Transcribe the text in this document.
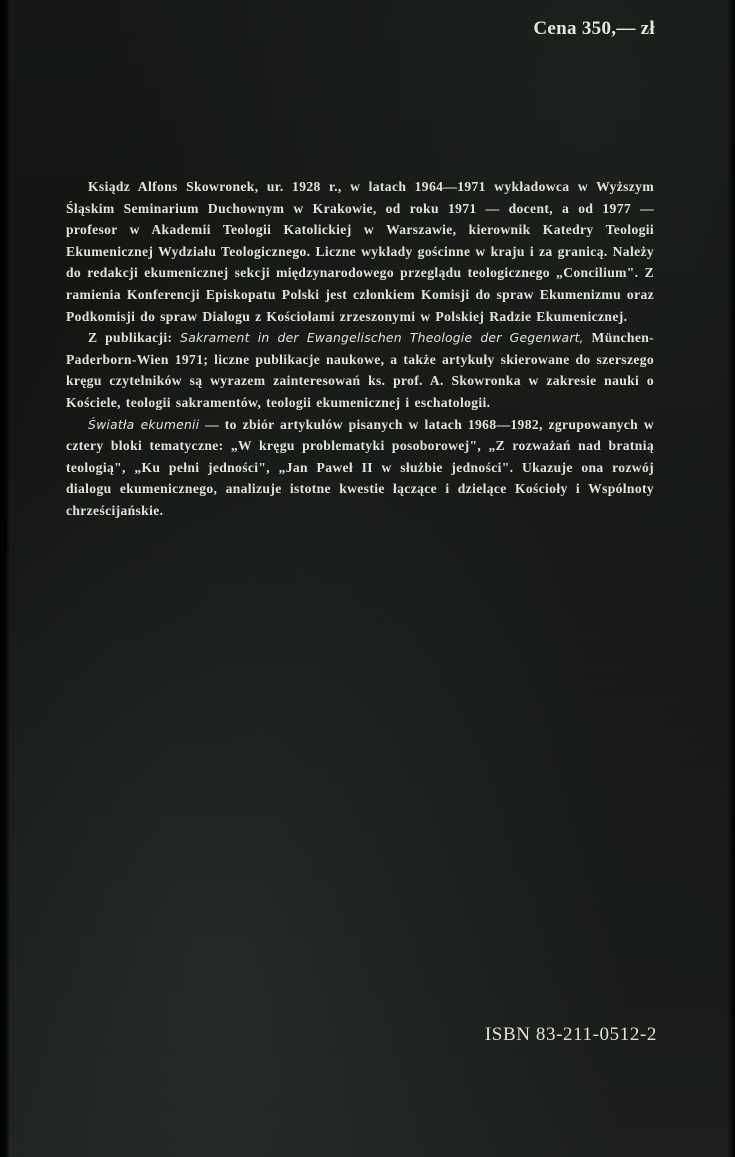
Cena 350,— zł

Ksiądz Alfons Skowronek, ur. 1928 r., w latach 1964—1971 wykładowca w Wyższym Śląskim Seminarium Duchownym w Krakowie, od roku 1971 — docent, a od 1977 — profesor w Akademii Teologii Katolickiej w Warszawie, kierownik Katedry Teologii Ekumenicznej Wydziału Teologicznego. Liczne wykłady gościnne w kraju i za granicą. Należy do redakcji ekumenicznej sekcji międzynarodowego przeglądu teologicznego „Concilium". Z ramienia Konferencji Episkopatu Polski jest członkiem Komisji do spraw Ekumenizmu oraz Podkomisji do spraw Dialogu z Kościołami zrzeszonymi w Polskiej Radzie Ekumenicznej.

Z publikacji: Sakrament in der Ewangelischen Theologie der Gegenwart, München-Paderborn-Wien 1971; liczne publikacje naukowe, a także artykuły skierowane do szerszego kręgu czytelników są wyrazem zainteresowań ks. prof. A. Skowronka w zakresie nauki o Kościele, teologii sakramentów, teologii ekumenicznej i eschatologii.

Światła ekumenii — to zbiór artykułów pisanych w latach 1968—1982, zgrupowanych w cztery bloki tematyczne: „W kręgu problematyki posoborowej", „Z rozważań nad bratnią teologią", „Ku pełni jedności", „Jan Paweł II w służbie jedności". Ukazuje ona rozwój dialogu ekumenicznego, analizuje istotne kwestie łączące i dzielące Kościoły i Wspólnoty chrześcijańskie.

ISBN 83-211-0512-2
